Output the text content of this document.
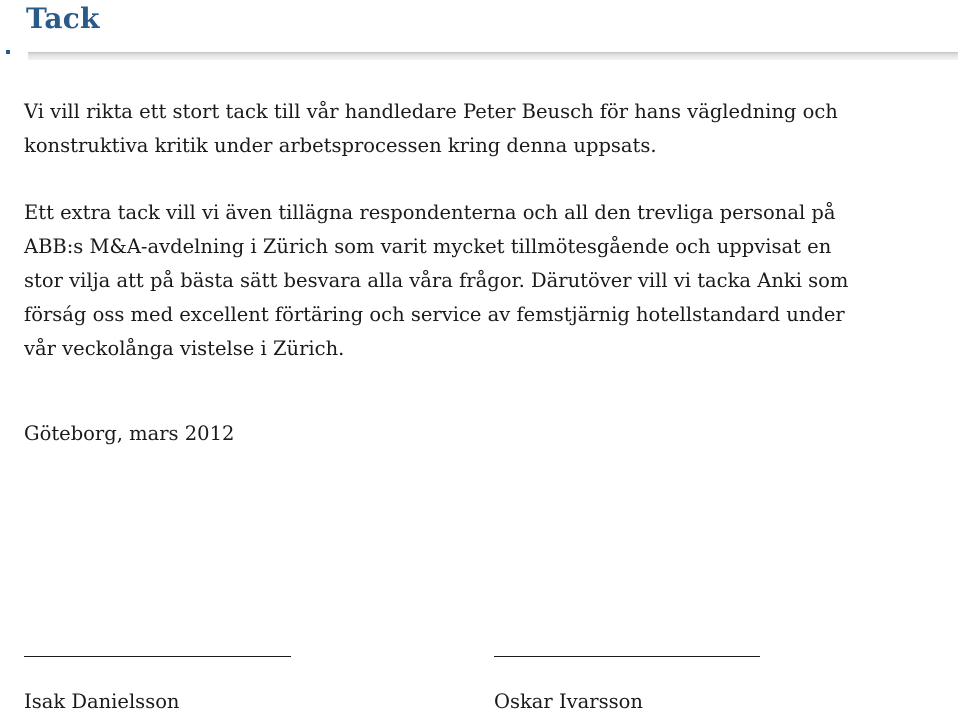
Tack

Vi vill rikta ett stort tack till vår handledare Peter Beusch för hans vägledning och
konstruktiva kritik under arbetsprocessen kring denna uppsats.

Ett extra tack vill vi även tillägna respondenterna och all den trevliga personal på
ABB:s M&A-avdelning i Zürich som varit mycket tillmötesgående och uppvisat en
stor vilja att på bästa sätt besvara alla våra frågor. Därutöver vill vi tacka Anki som
förság oss med excellent förtäring och service av femstjärnig hotellstandard under
vår veckolånga vistelse i Zürich.

Göteborg, mars 2012

Isak Danielsson	Oskar Ivarsson
